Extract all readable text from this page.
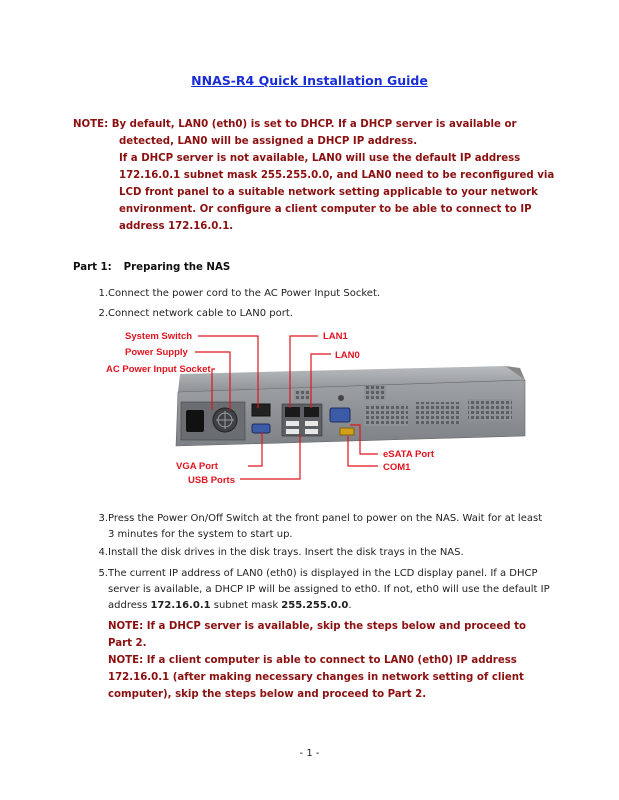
NNAS-R4 Quick Installation Guide
NOTE: By default, LAN0 (eth0) is set to DHCP. If a DHCP server is available or
detected, LAN0 will be assigned a DHCP IP address.
If a DHCP server is not available, LAN0 will use the default IP address 172.16.0.1 subnet mask 255.255.0.0, and LAN0 need to be reconfigured via LCD front panel to a suitable network setting applicable to your network environment. Or configure a client computer to be able to connect to IP address 172.16.0.1.
Part 1: Preparing the NAS
1. Connect the power cord to the AC Power Input Socket.
2. Connect network cable to LAN0 port.
System Switch
Power Supply
AC Power Input Socket
LAN1
LAN0
eSATA Port
COM1
VGA Port
USB Ports
3. Press the Power On/Off Switch at the front panel to power on the NAS. Wait for at least 3 minutes for the system to start up.
4. Install the disk drives in the disk trays. Insert the disk trays in the NAS.
5. The current IP address of LAN0 (eth0) is displayed in the LCD display panel. If a DHCP server is available, a DHCP IP will be assigned to eth0. If not, eth0 will use the default IP address 172.16.0.1 subnet mask 255.255.0.0.
NOTE: If a DHCP server is available, skip the steps below and proceed to Part 2.
NOTE: If a client computer is able to connect to LAN0 (eth0) IP address 172.16.0.1 (after making necessary changes in network setting of client computer), skip the steps below and proceed to Part 2.
- 1 -
